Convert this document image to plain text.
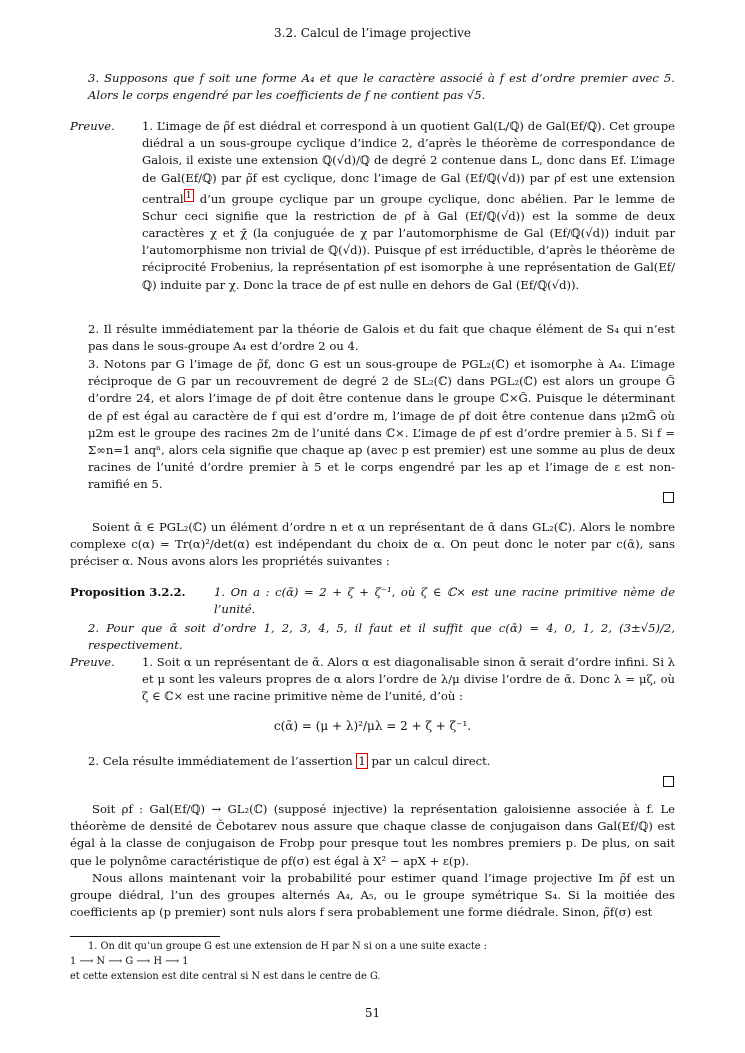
3.2. Calcul de l’image projective
3. Supposons que f soit une forme A₄ et que le caractère associé à f est d’ordre premier avec 5. Alors le corps engendré par les coefficients de f ne contient pas √5.
Preuve.	1. L’image de ρ̃f est diédral et correspond à un quotient Gal(L/ℚ) de Gal(Ef/ℚ). Cet groupe diédral a un sous-groupe cyclique d’indice 2, d’après le théorème de correspondance de Galois, il existe une extension ℚ(√d)/ℚ de degré 2 contenue dans L, donc dans Ef. L’image de Gal(Ef/ℚ) par ρ̃f est cyclique, donc l’image de Gal (Ef/ℚ(√d)) par ρf est une extension central $^1$ d’un groupe cyclique par un groupe cyclique, donc abélien. Par le lemme de Schur ceci signifie que la restriction de ρf à Gal (Ef/ℚ(√d)) est la somme de deux caractères χ et χ̄ (la conjuguée de χ par l’automorphisme de Gal (Ef/ℚ(√d)) induit par l’automorphisme non trivial de ℚ(√d)). Puisque ρf est irréductible, d’après le théorème de réciprocité Frobenius, la représentation ρf est isomorphe à une représentation de Gal(Ef/ℚ) induite par χ. Donc la trace de ρf est nulle en dehors de Gal (Ef/ℚ(√d)).
2. Il résulte immédiatement par la théorie de Galois et du fait que chaque élément de S₄ qui n’est pas dans le sous-groupe A₄ est d’ordre 2 ou 4.
3. Notons par G l’image de ρ̃f, donc G est un sous-groupe de PGL₂(ℂ) et isomorphe à A₄. L’image réciproque de G par un recouvrement de degré 2 de SL₂(ℂ) dans PGL₂(ℂ) est alors un groupe G̃ d’ordre 24, et alors l’image de ρf doit être contenue dans le groupe ℂ×G̃. Puisque le déterminant de ρf est égal au caractère de f qui est d’ordre m, l’image de ρf doit être contenue dans μ2mG̃ où μ2m est le groupe des racines 2m de l’unité dans ℂ×. L’image de ρf est d’ordre premier à 5. Si f = Σ∞n=1 anqⁿ, alors cela signifie que chaque ap (avec p est premier) est une somme au plus de deux racines de l’unité d’ordre premier à 5 et le corps engendré par les ap et l’image de ε est non-ramifié en 5.
Soient ᾱ ∈ PGL₂(ℂ) un élément d’ordre n et α un représentant de ᾱ dans GL₂(ℂ). Alors le nombre complexe c(α) = Tr(α)²/det(α) est indépendant du choix de α. On peut donc le noter par c(ᾱ), sans préciser α. Nous avons alors les propriétés suivantes :
Proposition 3.2.2.	1. On a : c(ᾱ) = 2 + ζ + ζ⁻¹, où ζ ∈ ℂ× est une racine primitive nème de l’unité.
2. Pour que ᾱ soit d’ordre 1, 2, 3, 4, 5, il faut et il suffit que c(ᾱ) = 4, 0, 1, 2, (3±√5)/2, respectivement.
Preuve.	1. Soit α un représentant de ᾱ. Alors α est diagonalisable sinon ᾱ serait d’ordre infini. Si λ et μ sont les valeurs propres de α alors l’ordre de λ/μ divise l’ordre de ᾱ. Donc λ = μζ, où ζ ∈ ℂ× est une racine primitive nème de l’unité, d’où :
c(ᾱ) = (μ + λ)²/μλ = 2 + ζ + ζ⁻¹.
2. Cela résulte immédiatement de l’assertion 1 par un calcul direct.
Soit ρf : Gal(Ef/ℚ) → GL₂(ℂ) (supposé injective) la représentation galoisienne associée à f. Le théorème de densité de Čebotarev nous assure que chaque classe de conjugaison dans Gal(Ef/ℚ) est égal à la classe de conjugaison de Frobp pour presque tout les nombres premiers p. De plus, on sait que le polynôme caractéristique de ρf(σ) est égal à X² − apX + ε(p).
Nous allons maintenant voir la probabilité pour estimer quand l’image projective Im ρ̃f est un groupe diédral, l’un des groupes alternés A₄, A₅, ou le groupe symétrique S₄. Si la moitiée des coefficients ap (p premier) sont nuls alors f sera probablement une forme diédrale. Sinon, ρ̃f(σ) est
1. On dit qu’un groupe G est une extension de H par N si on a une suite exacte :
1 ⟶ N ⟶ G ⟶ H ⟶ 1
et cette extension est dite central si N est dans le centre de G.
51
